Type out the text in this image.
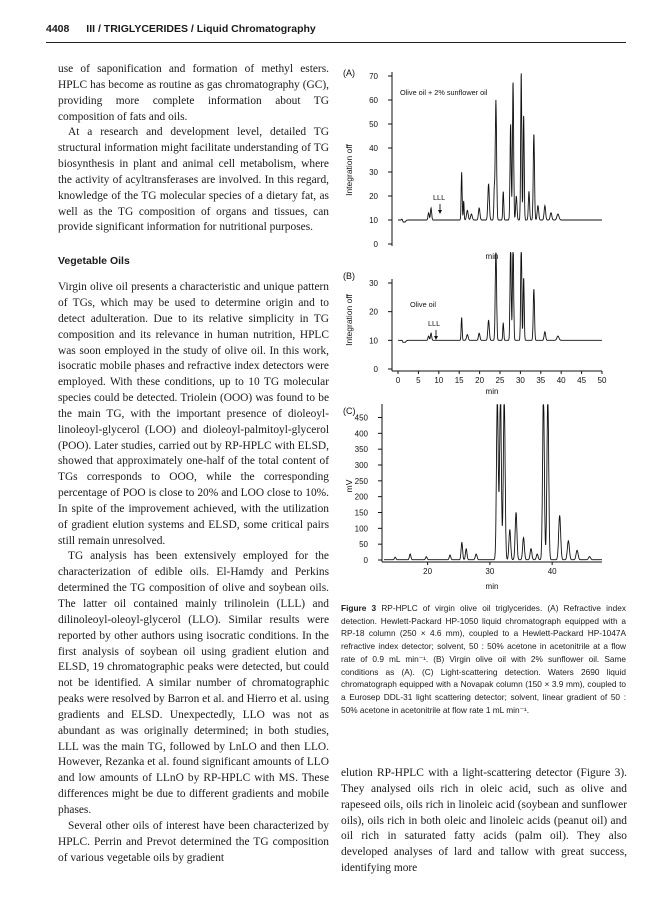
4408 III / TRIGLYCERIDES / Liquid Chromatography

use of saponification and formation of methyl esters. HPLC has become as routine as gas chromatography (GC), providing more complete information about TG composition of fats and oils.

At a research and development level, detailed TG structural information might facilitate understanding of TG biosynthesis in plant and animal cell metabolism, where the activity of acyltransferases are involved. In this regard, knowledge of the TG molecular species of a dietary fat, as well as the TG composition of organs and tissues, can provide significant information for nutritional purposes.

Vegetable Oils

Virgin olive oil presents a characteristic and unique pattern of TGs, which may be used to determine origin and to detect adulteration. Due to its relative simplicity in TG composition and its relevance in human nutrition, HPLC was soon employed in the study of olive oil. In this work, isocratic mobile phases and refractive index detectors were employed. With these conditions, up to 10 TG molecular species could be detected. Triolein (OOO) was found to be the main TG, with the important presence of dioleoyl-linoleoyl-glycerol (LOO) and dioleoyl-palmitoyl-glycerol (POO). Later studies, carried out by RP-HPLC with ELSD, showed that approximately one-half of the total content of TGs corresponds to OOO, while the corresponding percentage of POO is close to 20% and LOO close to 10%. In spite of the improvement achieved, with the utilization of gradient elution systems and ELSD, some critical pairs still remain unresolved.

TG analysis has been extensively employed for the characterization of edible oils. El-Hamdy and Perkins determined the TG composition of olive and soybean oils. The latter oil contained mainly trilinolein (LLL) and dilinoleoyl-oleoyl-glycerol (LLO). Similar results were reported by other authors using isocratic conditions. In the first analysis of soybean oil using gradient elution and ELSD, 19 chromatographic peaks were detected, but could not be identified. A similar number of chromatographic peaks were resolved by Barron et al. and Hierro et al. using gradients and ELSD. Unexpectedly, LLO was not as abundant as was originally determined; in both studies, LLL was the main TG, followed by LnLO and then LLO. However, Rezanka et al. found significant amounts of LLO and low amounts of LLnO by RP-HPLC with MS. These differences might be due to different gradients and mobile phases.

Several other oils of interest have been characterized by HPLC. Perrin and Prevot determined the TG composition of various vegetable oils by gradient

(A)
0
10
20
30
40
50
60
70
Integration off
min
Olive oil + 2% sunflower oil
LLL
(B)
0
10
20
30
Integration off
0 5 10 15 20 25 30 35 40 45 50
min
Olive oil
LLL
(C)
0
50
100
150
200
250
300
350
400
450
mV
20	30	40
min
Figure 3 RP-HPLC of virgin olive oil triglycerides. (A) Refractive index detection. Hewlett-Packard HP-1050 liquid chromatograph equipped with a RP-18 column (250 × 4.6 mm), coupled to a Hewlett-Packard HP-1047A refractive index detector; solvent, 50 : 50% acetone in acetonitrile at a flow rate of 0.9 mL min⁻¹. (B) Virgin olive oil with 2% sunflower oil. Same conditions as (A). (C) Light-scattering detection. Waters 2690 liquid chromatograph equipped with a Novapak column (150 × 3.9 mm), coupled to a Eurosep DDL-31 light scattering detector; solvent, linear gradient of 50 : 50% acetone in acetonitrile at flow rate 1 mL min⁻¹.

elution RP-HPLC with a light-scattering detector (Figure 3). They analysed oils rich in oleic acid, such as olive and rapeseed oils, oils rich in linoleic acid (soybean and sunflower oils), oils rich in both oleic and linoleic acids (peanut oil) and oil rich in saturated fatty acids (palm oil). They also developed analyses of lard and tallow with great success, identifying more
